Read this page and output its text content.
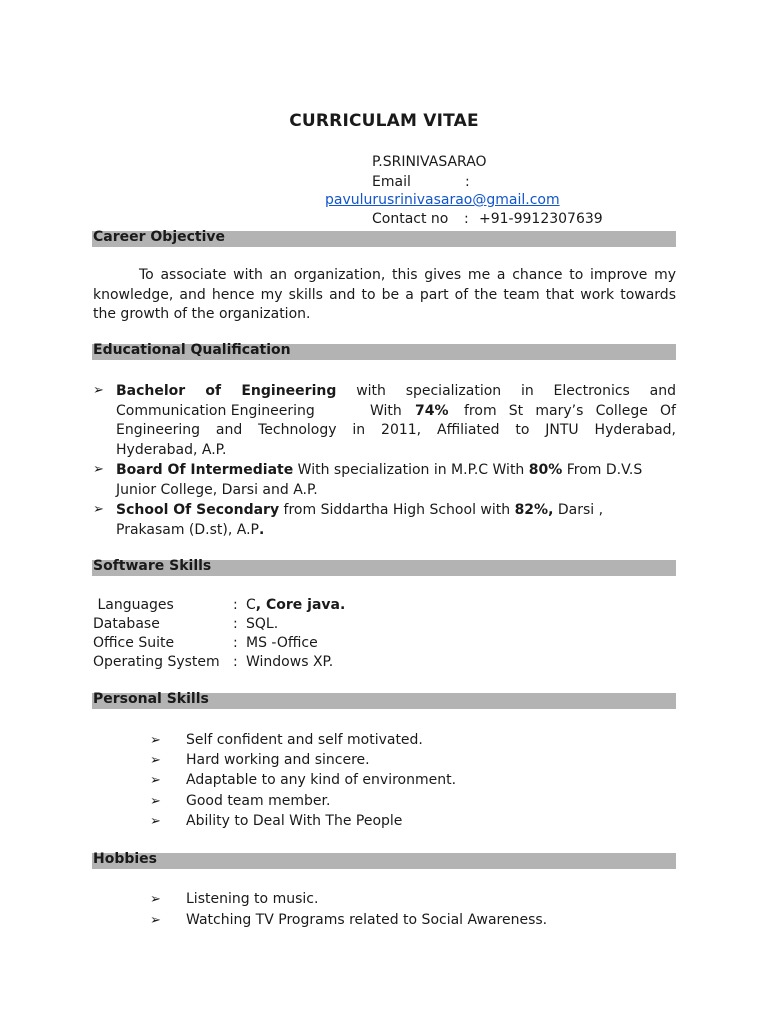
CURRICULAM VITAE
P.SRINIVASARAO
Email	:
pavulurusrinivasarao@gmail.com
Contact no : +91-9912307639
Career Objective
To associate with an organization, this gives me a chance to improve my
knowledge, and hence my skills and to be a part of the team that work towards
the growth of the organization.
Educational Qualification
➢ Bachelor of Engineering with specialization in Electronics and
Communication Engineering	With 74% from St mary’s College Of
Engineering and Technology in 2011, Affiliated to JNTU Hyderabad,
Hyderabad, A.P.
➢ Board Of Intermediate With specialization in M.P.C With 80% From D.V.S
Junior College, Darsi and A.P.
➢ School Of Secondary from Siddartha High School with 82%, Darsi ,
Prakasam (D.st), A.P.
Software Skills
Languages	: C, Core java.
Database	: SQL.
Office Suite	: MS -Office
Operating System : Windows XP.
Personal Skills
➢ Self confident and self motivated.
➢ Hard working and sincere.
➢ Adaptable to any kind of environment.
➢ Good team member.
➢ Ability to Deal With The People
Hobbies
➢ Listening to music.
➢ Watching TV Programs related to Social Awareness.
